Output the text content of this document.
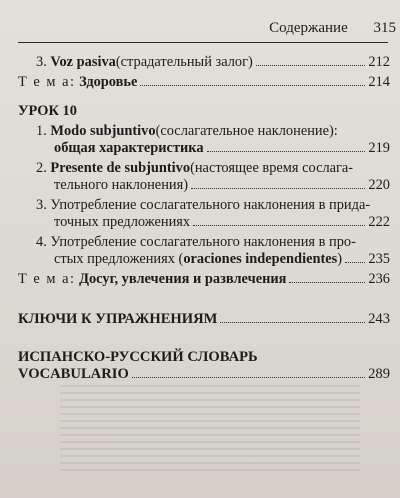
Содержание 315
3.
Voz pasiva (страдательный залог)	212
Т е м а:
Здоровье	214
УРОК 10
1.
Modo subjuntivo (сослагательное наклонение):
общая характеристика	219
2.
Presente de subjuntivo (настоящее время сослага-
тельного наклонения)	220
3.
Употребление сослагательного наклонения в прида-
точных предложениях	222
4.
Употребление сослагательного наклонения в про-
стых предложениях ( oraciones independientes ) 235
Т е м а:
Досуг, увлечения и развлечения	236
КЛЮЧИ К УПРАЖНЕНИЯМ	243
ИСПАНСКО-РУССКИЙ СЛОВАРЬ
VOCABULARIO	289
